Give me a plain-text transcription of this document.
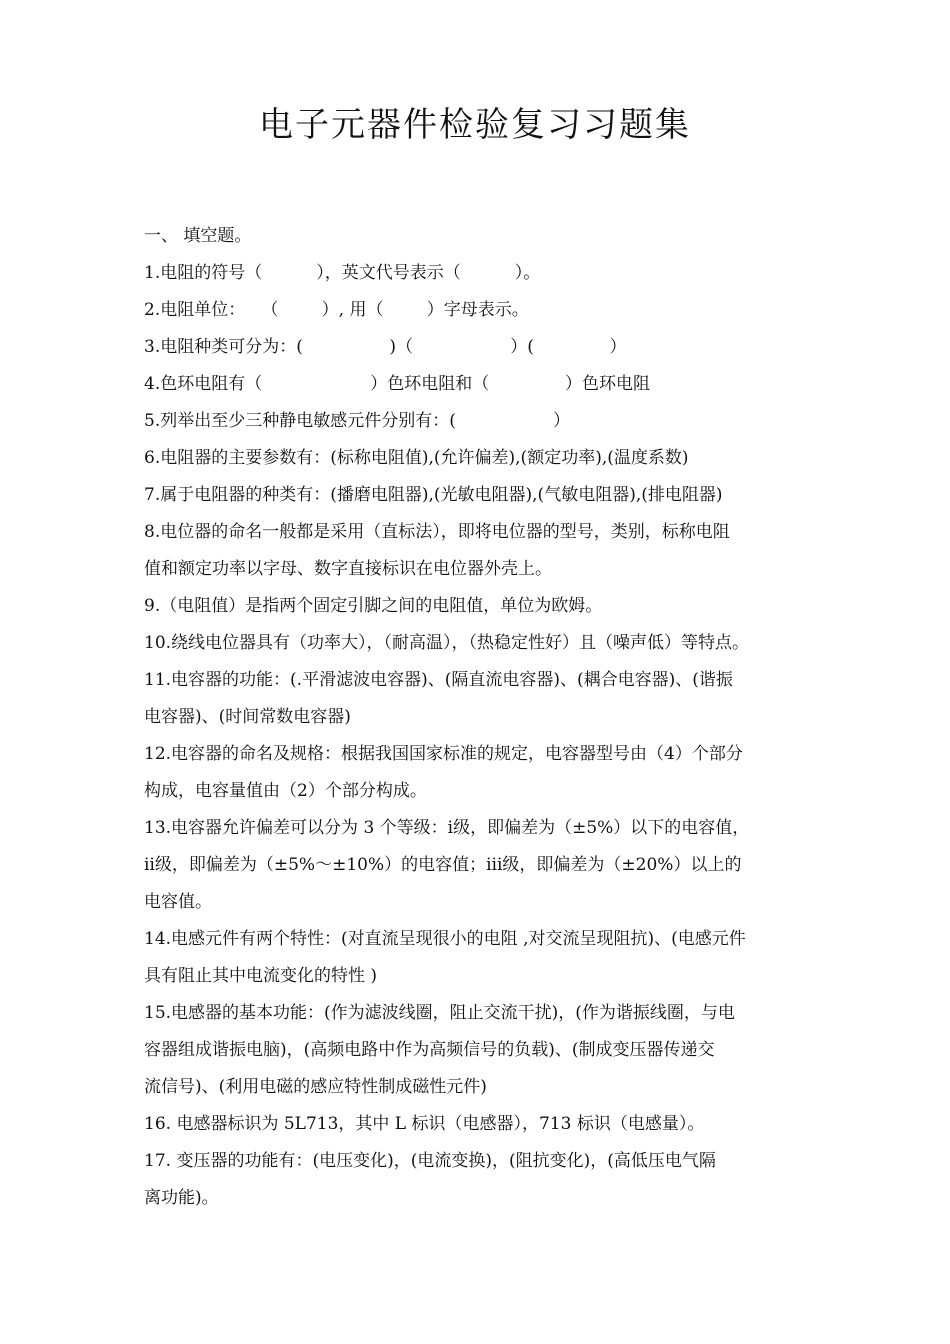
电子元器件检验复习习题集
一、 填空题。
1.电阻的符号（          ），英文代号表示（          ）。
2.电阻单位：   （        ）, 用（        ）字母表示。
3.电阻种类可分为：(                )（                  ）(              ）
4.色环电阻有（                    ）色环电阻和（              ）色环电阻
5.列举出至少三种静电敏感元件分别有：(                  ）
6.电阻器的主要参数有：(标称电阻值),(允许偏差),(额定功率),(温度系数)
7.属于电阻器的种类有：(播磨电阻器),(光敏电阻器),(气敏电阻器),(排电阻器)
8.电位器的命名一般都是采用（直标法），即将电位器的型号，类别，标称电阻
值和额定功率以字母、数字直接标识在电位器外壳上。
9.（电阻值）是指两个固定引脚之间的电阻值，单位为欧姆。
10.绕线电位器具有（功率大），（耐高温），（热稳定性好）且（噪声低）等特点。
11.电容器的功能：(.平滑滤波电容器)、(隔直流电容器)、(耦合电容器)、(谐振
电容器)、(时间常数电容器)
12.电容器的命名及规格：根据我国国家标准的规定，电容器型号由（4）个部分
构成，电容量值由（2）个部分构成。
13.电容器允许偏差可以分为 3 个等级：ⅰ级，即偏差为（±5%）以下的电容值，
ⅱ级，即偏差为（±5%～±10%）的电容值；ⅲ级，即偏差为（±20%）以上的
电容值。
14.电感元件有两个特性：(对直流呈现很小的电阻 ,对交流呈现阻抗)、(电感元件
具有阻止其中电流变化的特性 )
15.电感器的基本功能：(作为滤波线圈，阻止交流干扰)，(作为谐振线圈，与电
容器组成谐振电脑)，(高频电路中作为高频信号的负载)、(制成变压器传递交
流信号)、(利用电磁的感应特性制成磁性元件)
16. 电感器标识为 5L713，其中 L 标识（电感器），713 标识（电感量）。
17. 变压器的功能有：(电压变化)，(电流变换)，(阻抗变化)，(高低压电气隔
离功能)。
